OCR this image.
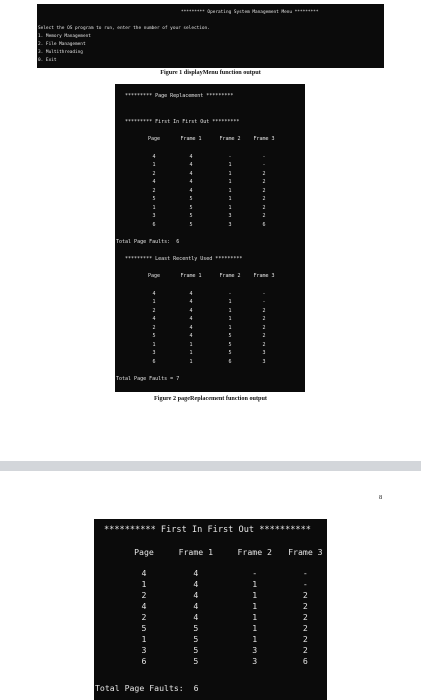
********* Operating System Management Menu *********
Select the OS program to run, enter the number of your selection.
1. Memory Management
2. File Management
3. Multithreading
0. Exit
Figure 1 displayMenu function output
********* Page Replacement *********
********* First In First Out *********
Page	Frame 1	Frame 2	Frame 3
4	4	-	-
1	4	1	-
2	4	1	2
4	4	1	2
2	4	1	2
5	5	1	2
1	5	1	2
3	5	3	2
6	5	3	6
Total Page Faults:  6
********* Least Recently Used *********
Page	Frame 1	Frame 2	Frame 3
4	4	-	-
1	4	1	-
2	4	1	2
4	4	1	2
2	4	1	2
5	4	5	2
1	1	5	2
3	1	5	3
6	1	6	3
Total Page Faults = 7
Figure 2 pageReplacement function output
8
********** First In First Out **********
Page	Frame 1	Frame 2	Frame 3
4	4	-	-
1	4	1	-
2	4	1	2
4	4	1	2
2	4	1	2
5	5	1	2
1	5	1	2
3	5	3	2
6	5	3	6
Total Page Faults:  6
